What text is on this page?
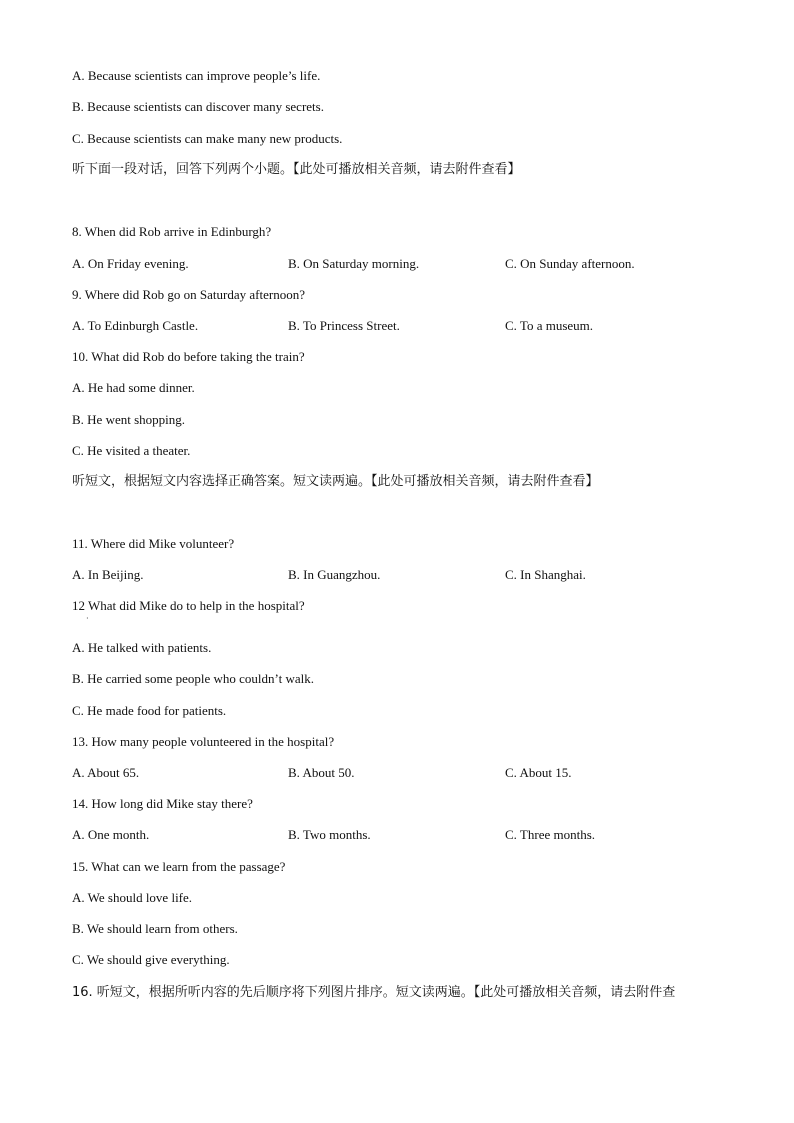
A. Because scientists can improve people’s life.
B. Because scientists can discover many secrets.
C. Because scientists can make many new products.
听下面一段对话，回答下列两个小题。【此处可播放相关音频，请去附件查看】
8. When did Rob arrive in Edinburgh?
A. On Friday evening.	B. On Saturday morning.	C. On Sunday afternoon.
9. Where did Rob go on Saturday afternoon?
A. To Edinburgh Castle.	B. To Princess Street.	C. To a museum.
10. What did Rob do before taking the train?
A. He had some dinner.
B. He went shopping.
C. He visited a theater.
听短文，根据短文内容选择正确答案。短文读两遍。【此处可播放相关音频，请去附件查看】
11. Where did Mike volunteer?
A. In Beijing.	B. In Guangzhou.	C. In Shanghai.
12 What did Mike do to help in the hospital?
·
A. He talked with patients.
B. He carried some people who couldn’t walk.
C. He made food for patients.
13. How many people volunteered in the hospital?
A. About 65.	B. About 50.	C. About 15.
14. How long did Mike stay there?
A. One month.	B. Two months.	C. Three months.
15. What can we learn from the passage?
A. We should love life.
B. We should learn from others.
C. We should give everything.
16. 听短文，根据所听内容的先后顺序将下列图片排序。短文读两遍。【此处可播放相关音频，请去附件查
